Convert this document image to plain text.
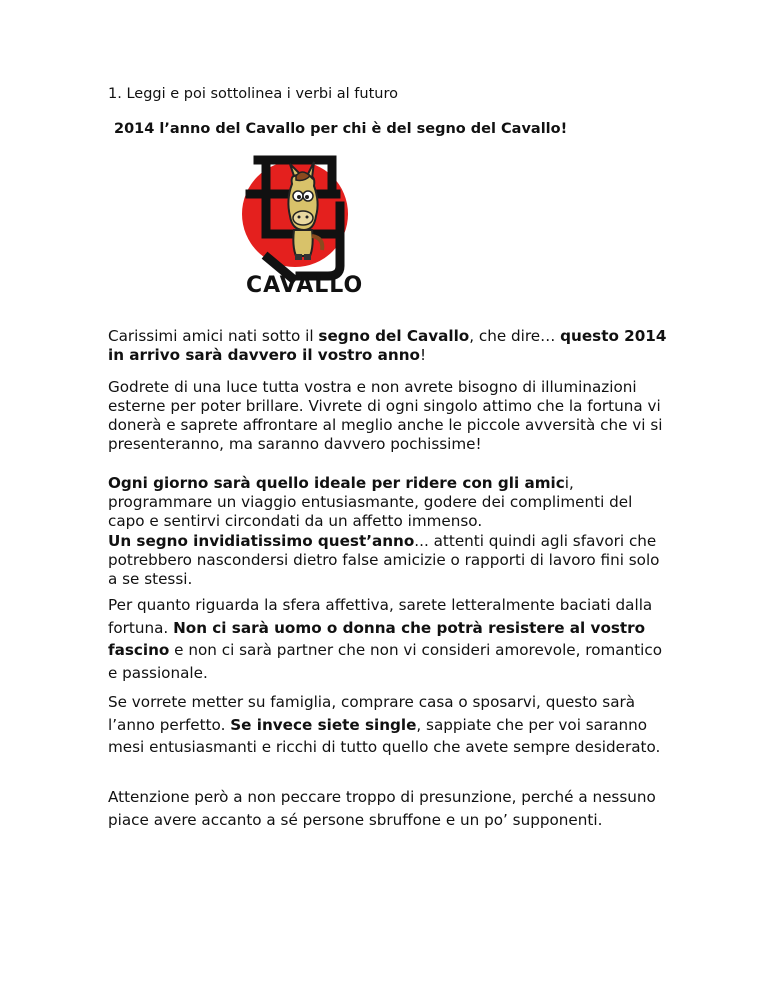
1. Leggi e poi sottolinea i verbi al futuro

2014 l’anno del Cavallo per chi è del segno del Cavallo!

CAVALLO

Carissimi amici nati sotto il segno del Cavallo, che dire… questo 2014 in arrivo sarà davvero il vostro anno!

Godrete di una luce tutta vostra e non avrete bisogno di illuminazioni esterne per poter brillare. Vivrete di ogni singolo attimo che la fortuna vi donerà e saprete affrontare al meglio anche le piccole avversità che vi si presenteranno, ma saranno davvero pochissime!

Ogni giorno sarà quello ideale per ridere con gli amici, programmare un viaggio entusiasmante, godere dei complimenti del capo e sentirvi circondati da un affetto immenso.

Un segno invidiatissimo quest’anno... attenti quindi agli sfavori che potrebbero nascondersi dietro false amicizie o rapporti di lavoro fini solo a se stessi.

Per quanto riguarda la sfera affettiva, sarete letteralmente baciati dalla fortuna. Non ci sarà uomo o donna che potrà resistere al vostro fascino e non ci sarà partner che non vi consideri amorevole, romantico e passionale.

Se vorrete metter su famiglia, comprare casa o sposarvi, questo sarà l’anno perfetto. Se invece siete single, sappiate che per voi saranno mesi entusiasmanti e ricchi di tutto quello che avete sempre desiderato.

Attenzione però a non peccare troppo di presunzione, perché a nessuno piace avere accanto a sé persone sbruffone e un po’ supponenti.
